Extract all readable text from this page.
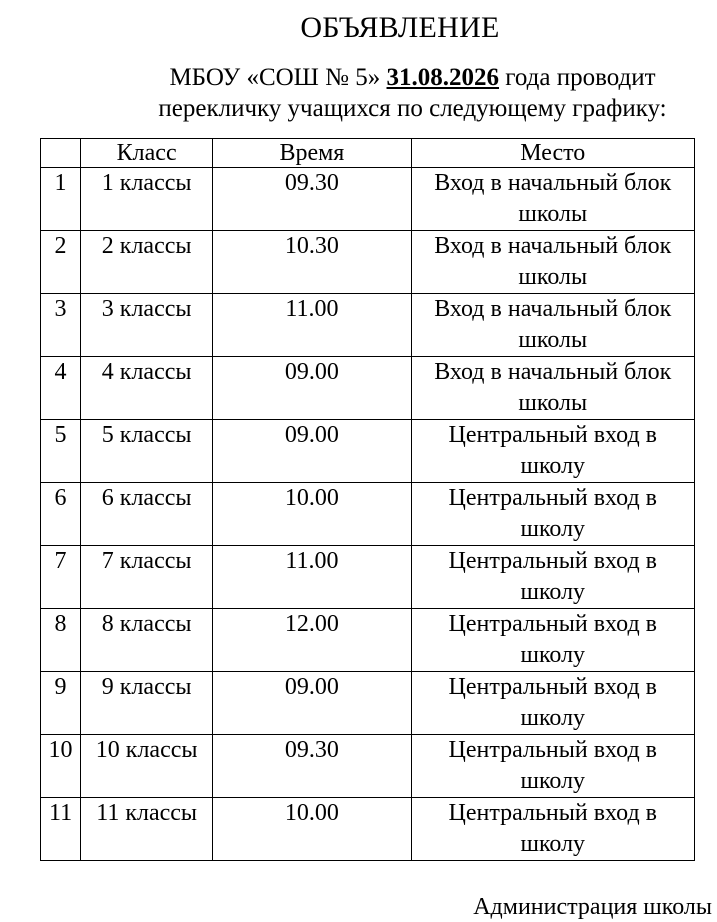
ОБЪЯВЛЕНИЕ
МБОУ «СОШ № 5» 31.08.2026 года проводит
перекличку учащихся по следующему графику:
	Класс	Время	Место
1	1 классы	09.30	Вход в начальный блок
школы

2	2 классы	10.30	Вход в начальный блок
школы

3	3 классы	11.00	Вход в начальный блок
школы

4	4 классы	09.00	Вход в начальный блок
школы

5	5 классы	09.00	Центральный вход в
школу

6	6 классы	10.00	Центральный вход в
школу

7	7 классы	11.00	Центральный вход в
школу

8	8 классы	12.00	Центральный вход в
школу

9	9 классы	09.00	Центральный вход в
школу

10	10 классы	09.30	Центральный вход в
школу

11	11 классы	10.00	Центральный вход в
школу
Администрация школы
